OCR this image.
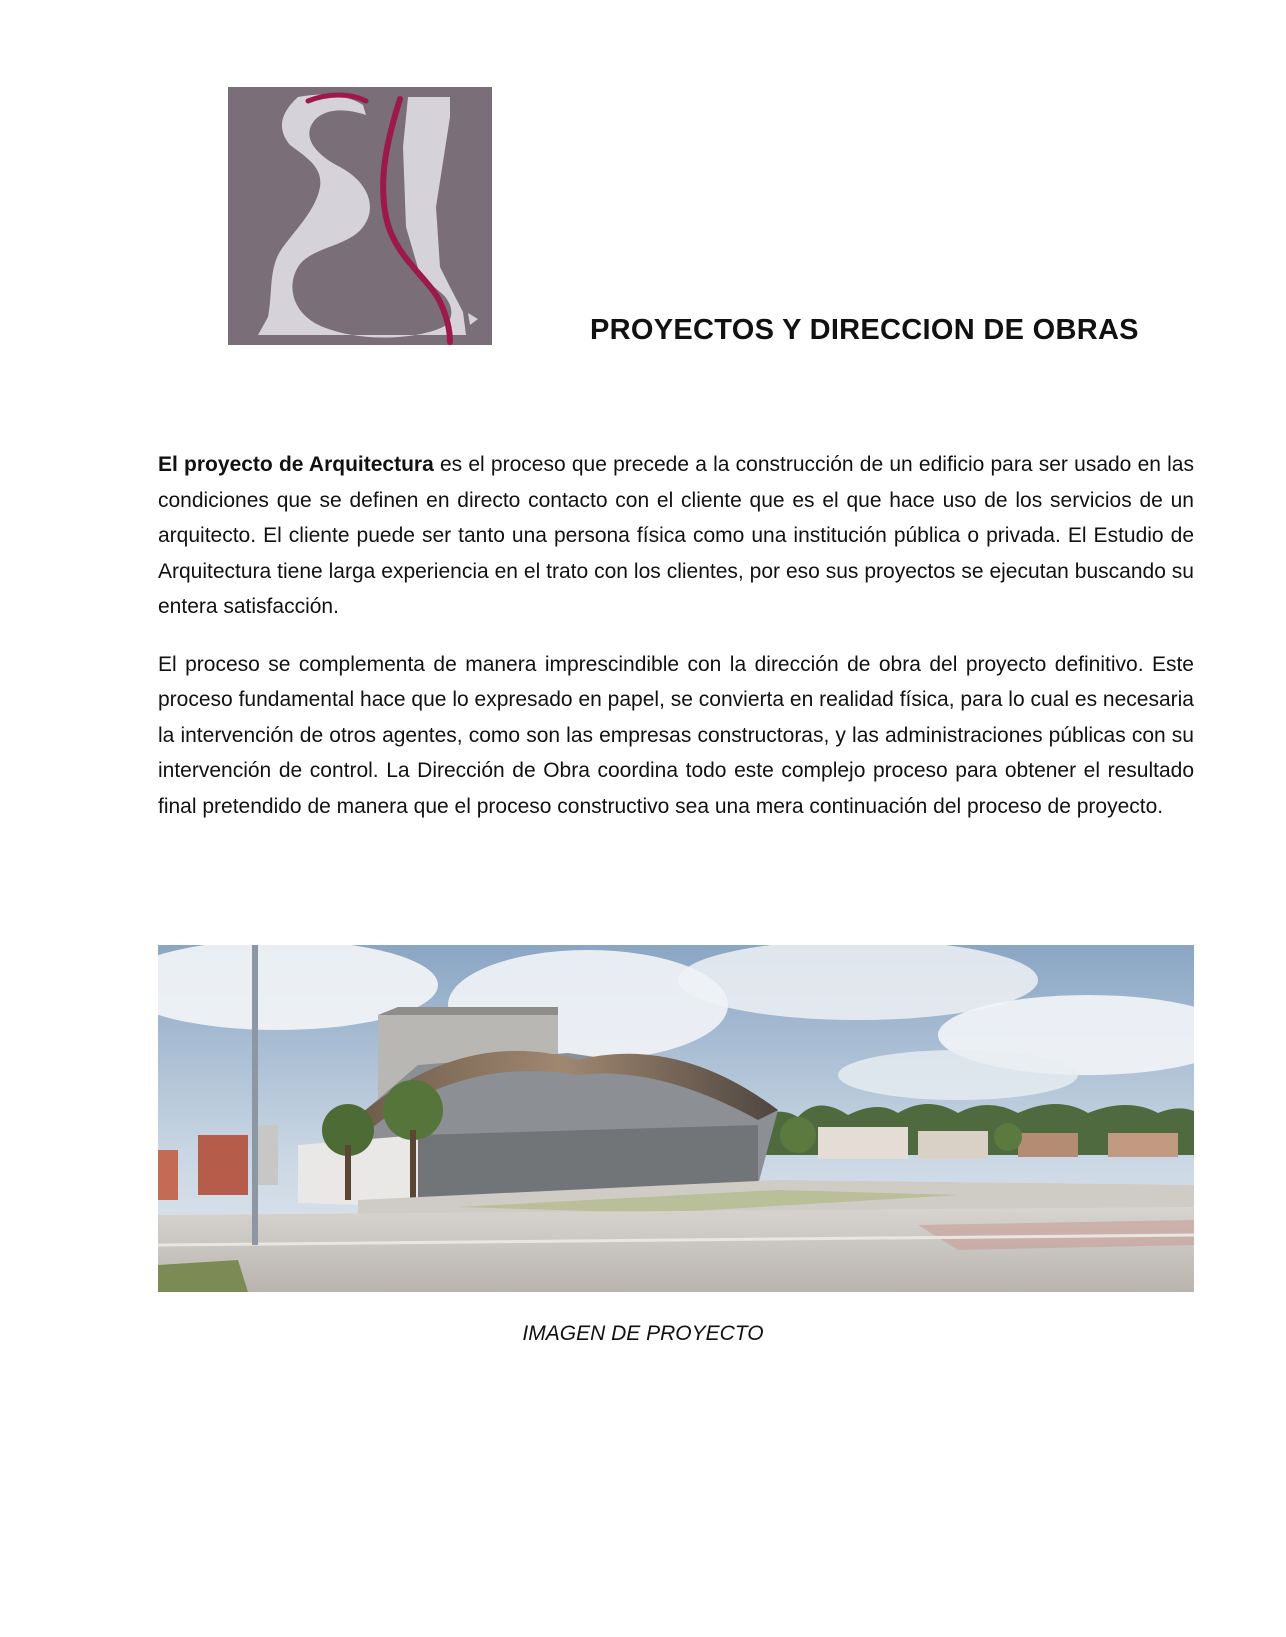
PROYECTOS Y DIRECCION DE OBRAS

El proyecto de Arquitectura es el proceso que precede a la construcción de un edificio para ser usado en las condiciones que se definen en directo contacto con el cliente que es el que hace uso de los servicios de un arquitecto. El cliente puede ser tanto una persona física como una institución pública o privada. El Estudio de Arquitectura tiene larga experiencia en el trato con los clientes, por eso sus proyectos se ejecutan buscando su entera satisfacción.

El proceso se complementa de manera imprescindible con la dirección de obra del proyecto definitivo. Este proceso fundamental hace que lo expresado en papel, se convierta en realidad física, para lo cual es necesaria la intervención de otros agentes, como son las empresas constructoras, y las administraciones públicas con su intervención de control. La Dirección de Obra coordina todo este complejo proceso para obtener el resultado final pretendido de manera que el proceso constructivo sea una mera continuación del proceso de proyecto.

IMAGEN DE PROYECTO
